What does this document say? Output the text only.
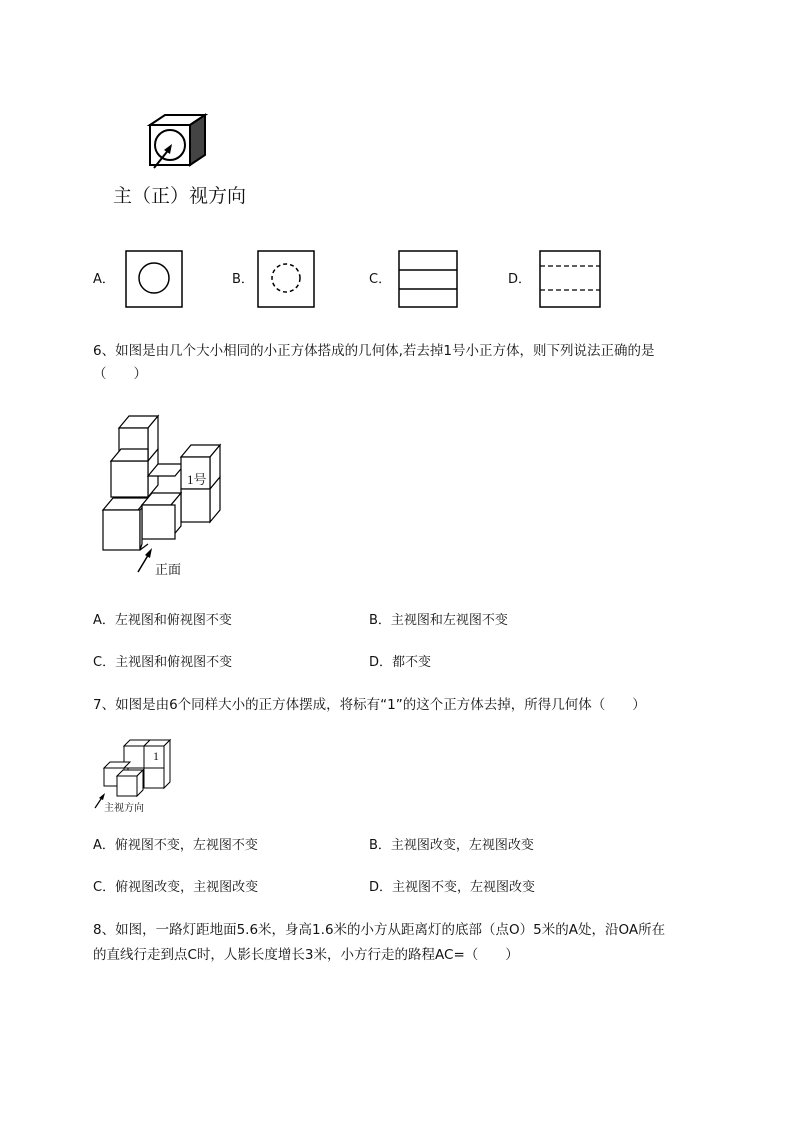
主（正）视方向
A．	B．	C．	D．
6、如图是由几个大小相同的小正方体搭成的几何体,若去掉1号小正方体，则下列说法正确的是
（　　）
1号
正面
A．左视图和俯视图不变	B．主视图和左视图不变
C．主视图和俯视图不变	D．都不变
7、如图是由6个同样大小的正方体摆成，将标有“1”的这个正方体去掉，所得几何体（　　）
1
主视方向
A．俯视图不变，左视图不变	B．主视图改变，左视图改变
C．俯视图改变，主视图改变	D．主视图不变，左视图改变
8、如图，一路灯距地面5.6米，身高1.6米的小方从距离灯的底部（点O）5米的A处，沿OA所在
的直线行走到点C时，人影长度增长3米，小方行走的路程AC=（　　）
